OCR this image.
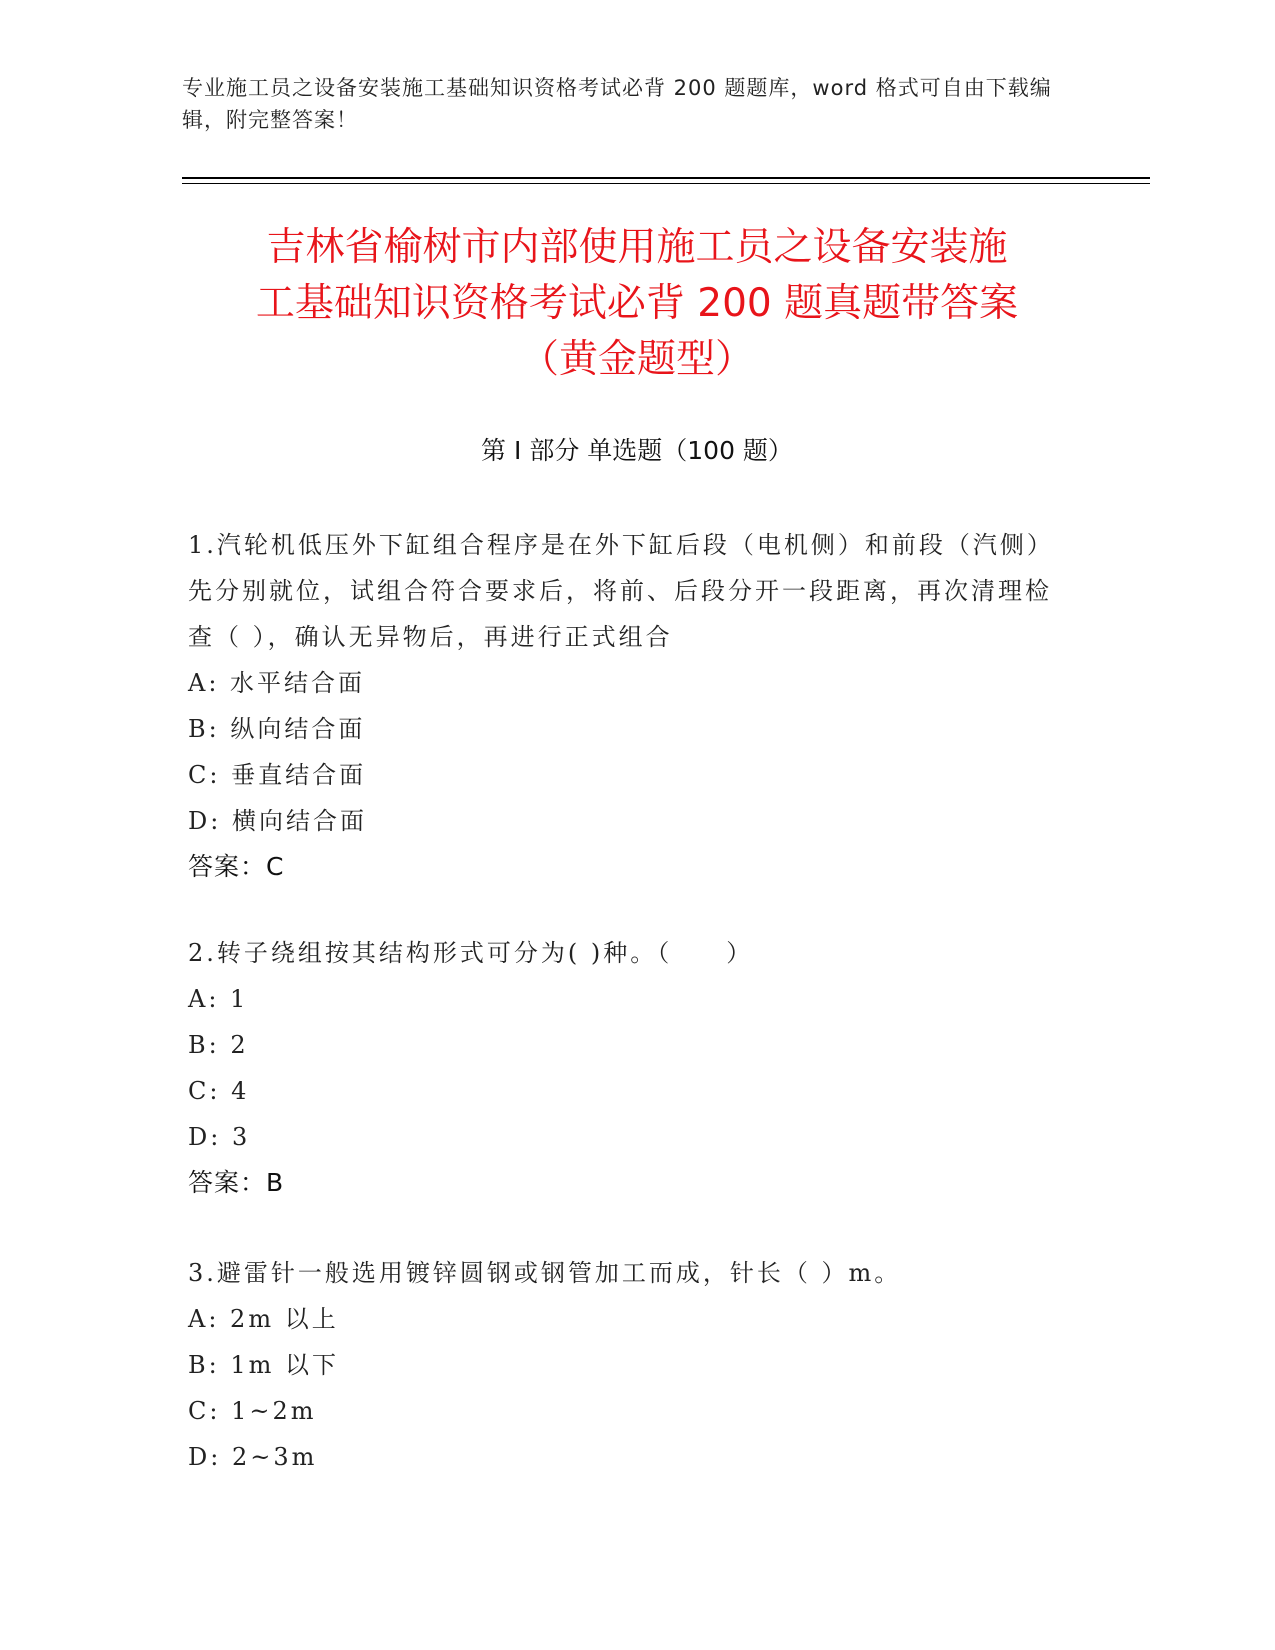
专业施工员之设备安装施工基础知识资格考试必背 200 题题库，word 格式可自由下载编辑，附完整答案！
吉林省榆树市内部使用施工员之设备安装施
工基础知识资格考试必背 200 题真题带答案
（黄金题型）
第 I 部分 单选题（100 题）
1.汽轮机低压外下缸组合程序是在外下缸后段（电机侧）和前段（汽侧）先分别就位，试组合符合要求后，将前、后段分开一段距离，再次清理检查（ ），确认无异物后，再进行正式组合
A: 水平结合面
B: 纵向结合面
C: 垂直结合面
D: 横向结合面
答案：C
2.转子绕组按其结构形式可分为( )种。（　　）
A: 1
B: 2
C: 4
D: 3
答案：B
3.避雷针一般选用镀锌圆钢或钢管加工而成，针长（ ）m。
A: 2m 以上
B: 1m 以下
C: 1~2m
D: 2~3m
